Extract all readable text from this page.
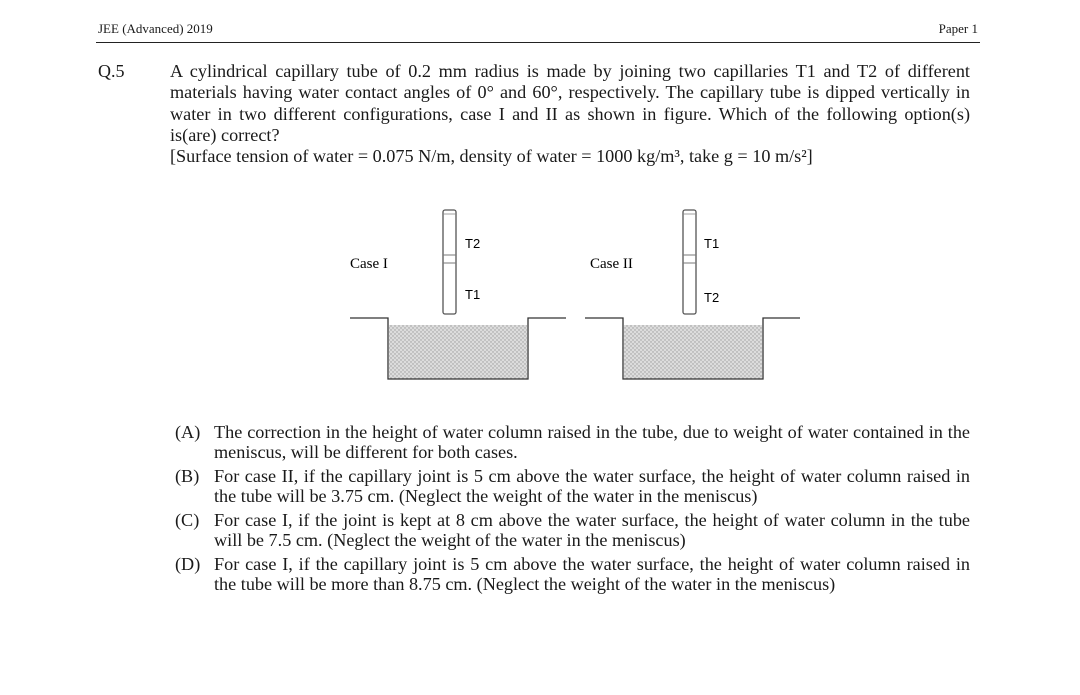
JEE (Advanced) 2019	Paper 1
Q.5	A cylindrical capillary tube of 0.2 mm radius is made by joining two capillaries T1 and T2 of different materials having water contact angles of 0° and 60°, respectively. The capillary tube is dipped vertically in water in two different configurations, case I and II as shown in figure. Which of the following option(s) is(are) correct?

[Surface tension of water = 0.075 N/m, density of water = 1000 kg/m³, take g = 10 m/s²]

Case I
T2
T1
Case II
T1
T2
(A) The correction in the height of water column raised in the tube, due to weight of water contained in the meniscus, will be different for both cases.
(B) For case II, if the capillary joint is 5 cm above the water surface, the height of water column raised in the tube will be 3.75 cm. (Neglect the weight of the water in the meniscus)
(C) For case I, if the joint is kept at 8 cm above the water surface, the height of water column in the tube will be 7.5 cm. (Neglect the weight of the water in the meniscus)
(D) For case I, if the capillary joint is 5 cm above the water surface, the height of water column raised in the tube will be more than 8.75 cm. (Neglect the weight of the water in the meniscus)
